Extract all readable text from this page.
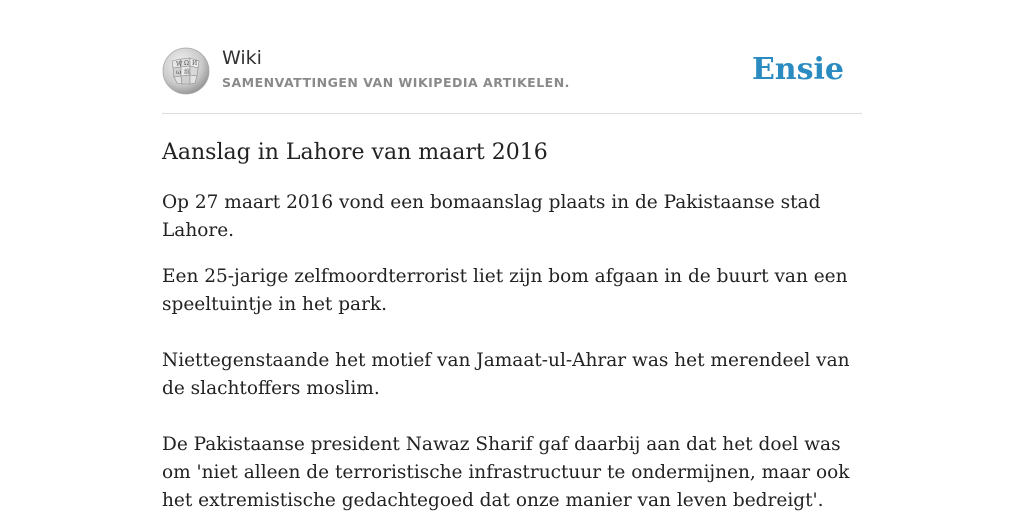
W Ω И
維
ω
Wiki
SAMENVATTINGEN VAN WIKIPEDIA ARTIKELEN.	Ensie
Aanslag in Lahore van maart 2016

Op 27 maart 2016 vond een bomaanslag plaats in de Pakistaanse stad Lahore.

Een 25-jarige zelfmoordterrorist liet zijn bom afgaan in de buurt van een speeltuintje in het park.

Niettegenstaande het motief van Jamaat-ul-Ahrar was het merendeel van de slachtoffers moslim.

De Pakistaanse president Nawaz Sharif gaf daarbij aan dat het doel was om 'niet alleen de terroristische infrastructuur te ondermijnen, maar ook het extremistische gedachtegoed dat onze manier van leven bedreigt'.
